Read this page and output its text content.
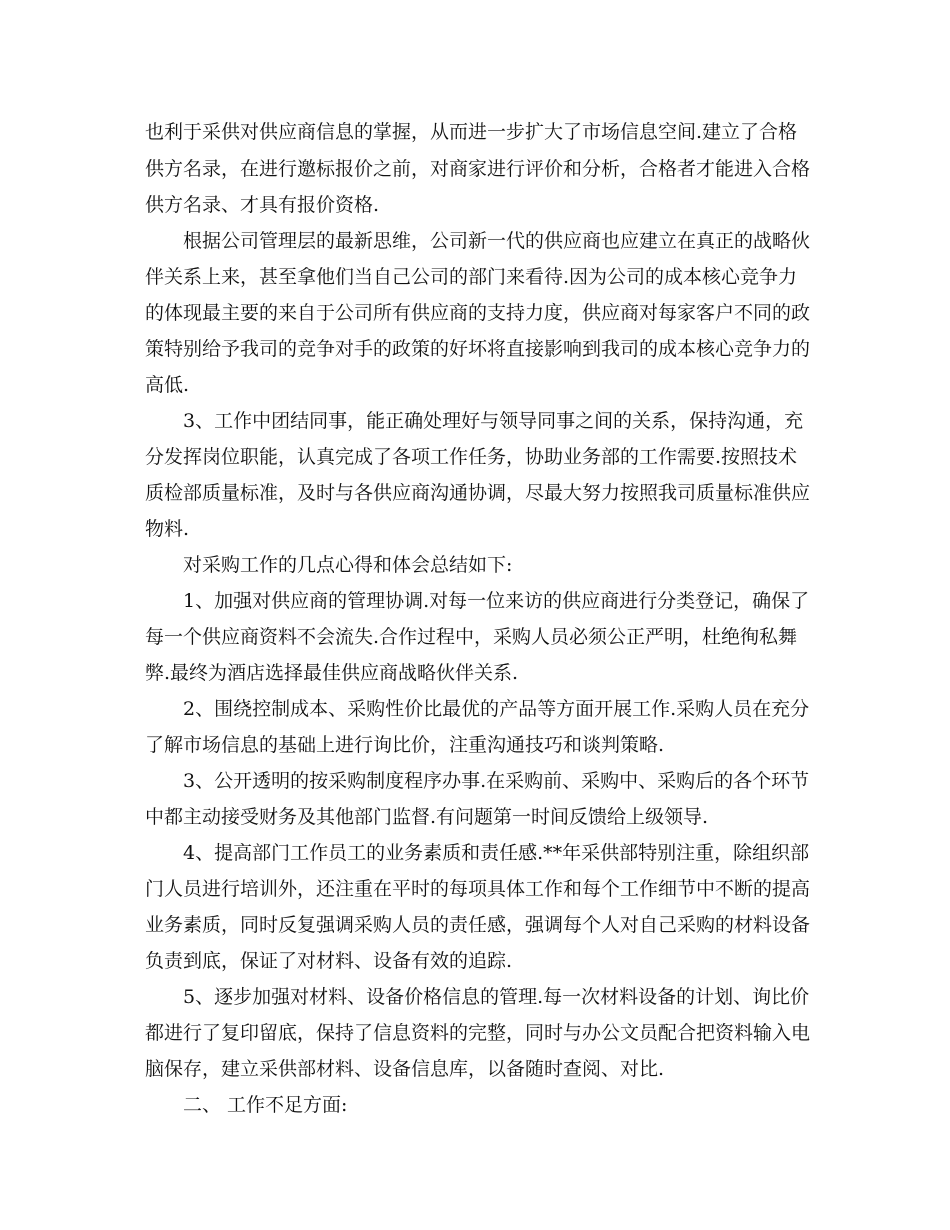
也利于采供对供应商信息的掌握，从而进一步扩大了市场信息空间.建立了合格
供方名录，在进行邀标报价之前，对商家进行评价和分析，合格者才能进入合格
供方名录、才具有报价资格.
根据公司管理层的最新思维，公司新一代的供应商也应建立在真正的战略伙
伴关系上来，甚至拿他们当自己公司的部门来看待.因为公司的成本核心竞争力
的体现最主要的来自于公司所有供应商的支持力度，供应商对每家客户不同的政
策特别给予我司的竞争对手的政策的好坏将直接影响到我司的成本核心竞争力的
高低.
3、工作中团结同事，能正确处理好与领导同事之间的关系，保持沟通，充
分发挥岗位职能，认真完成了各项工作任务，协助业务部的工作需要.按照技术
质检部质量标准，及时与各供应商沟通协调，尽最大努力按照我司质量标准供应
物料.
对采购工作的几点心得和体会总结如下:
1、加强对供应商的管理协调.对每一位来访的供应商进行分类登记，确保了
每一个供应商资料不会流失.合作过程中，采购人员必须公正严明，杜绝徇私舞
弊.最终为酒店选择最佳供应商战略伙伴关系.
2、围绕控制成本、采购性价比最优的产品等方面开展工作.采购人员在充分
了解市场信息的基础上进行询比价，注重沟通技巧和谈判策略.
3、公开透明的按采购制度程序办事.在采购前、采购中、采购后的各个环节
中都主动接受财务及其他部门监督.有问题第一时间反馈给上级领导.
4、提高部门工作员工的业务素质和责任感.**年采供部特别注重，除组织部
门人员进行培训外，还注重在平时的每项具体工作和每个工作细节中不断的提高
业务素质，同时反复强调采购人员的责任感，强调每个人对自己采购的材料设备
负责到底，保证了对材料、设备有效的追踪.
5、逐步加强对材料、设备价格信息的管理.每一次材料设备的计划、询比价
都进行了复印留底，保持了信息资料的完整，同时与办公文员配合把资料输入电
脑保存，建立采供部材料、设备信息库，以备随时查阅、对比.
二、 工作不足方面:
